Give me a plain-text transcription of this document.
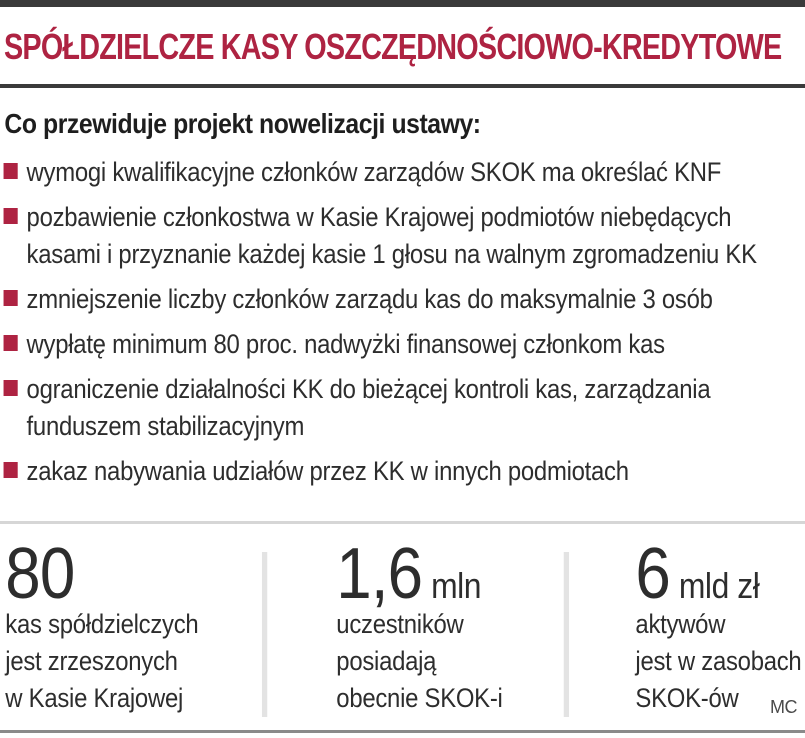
SPÓŁDZIELCZE KASY OSZCZĘDNOŚCIOWO-KREDYTOWE
Co przewiduje projekt nowelizacji ustawy:
wymogi kwalifikacyjne członków zarządów SKOK ma określać KNF
pozbawienie członkostwa w Kasie Krajowej podmiotów niebędących kasami i przyznanie każdej kasie 1 głosu na walnym zgromadzeniu KK
zmniejszenie liczby członków zarządu kas do maksymalnie 3 osób
wypłatę minimum 80 proc. nadwyżki finansowej członkom kas
ograniczenie działalności KK do bieżącej kontroli kas, zarządzania funduszem stabilizacyjnym
zakaz nabywania udziałów przez KK w innych podmiotach
80
kas spółdzielczych
jest zrzeszonych
w Kasie Krajowej
1,6 mln
uczestników
posiadają
obecnie SKOK-i
6 mld zł
aktywów
jest w zasobach
SKOK-ów	MC
